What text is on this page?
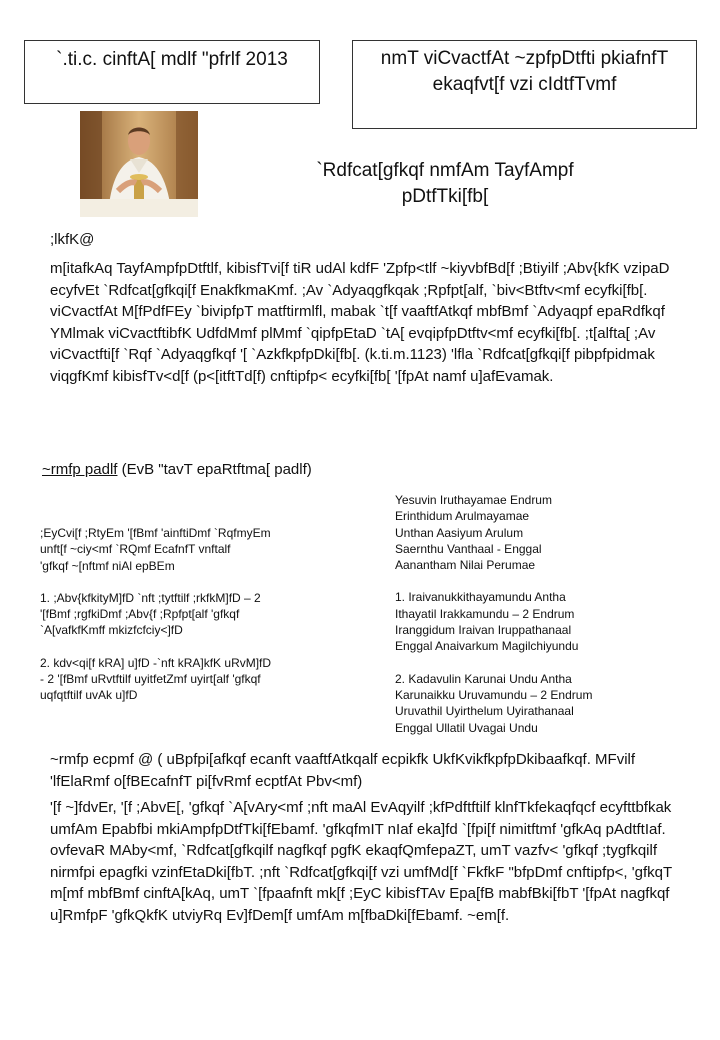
`.ti.c. cinftA[ mdlf "pfrlf 2013	nmT viCvactfAt ~zpfpDtfti pkiafnfT
ekaqfvt[f vzi cIdtfTvmf
`Rdfcat[gfkqf nmfAm TayfAmpf
pDtfTki[fb[
;lkfK@
m[itafkAq TayfAmpfpDtftlf, kibisfTvi[f tiR udAl kdfF 'Zpfp<tlf ~kiyvbfBd[f ;Btiyilf ;Abv{kfK vzipaD ecyfvEt `Rdfcat[gfkqi[f EnakfkmaKmf. ;Av `Adyaqgfkqak ;Rpfpt[alf, `biv<Btftv<mf ecyfki[fb[. viCvactfAt M[fPdfFEy `bivipfpT matftirmlfl, mabak `t[f vaaftfAtkqf mbfBmf `Adyaqpf epaRdfkqf YMlmak viCvactftibfK UdfdMmf plMmf `qipfpEtaD `tA[ evqipfpDtftv<mf ecyfki[fb[. ;t[alfta[ ;Av viCvactfti[f `Rqf `Adyaqgfkqf '[ `AzkfkpfpDki[fb[. (k.ti.m.1123) 'lfla `Rdfcat[gfkqi[f pibpfpidmak viqgfKmf kibisfTv<d[f (p<[itftTd[f) cnftipfp< ecyfki[fb[ '[fpAt namf u]afEvamak.
~rmfp padlf (EvB "tavT epaRtftma[ padlf)
;EyCvi[f ;RtyEm '[fBmf 'ainftiDmf `RqfmyEm
unft[f ~ciy<mf `RQmf EcafnfT vnftalf
'gfkqf ~[nftmf niAl epBEm
1. ;Abv{kfkityM]fD `nft ;tytftilf ;rkfkM]fD – 2
'[fBmf ;rgfkiDmf ;Abv{f ;Rpfpt[alf 'gfkqf
`A[vafkfKmff mkizfcfciy<]fD
2. kdv<qi[f kRA] u]fD -`nft kRA]kfK uRvM]fD
- 2 '[fBmf uRvtftilf uyitfetZmf uyirt[alf 'gfkqf
uqfqtftilf uvAk u]fD
Yesuvin Iruthayamae Endrum
Erinthidum Arulmayamae
Unthan Aasiyum Arulum
Saernthu Vanthaal - Enggal
Aanantham Nilai Perumae
1. Iraivanukkithayamundu Antha
Ithayatil Irakkamundu – 2 Endrum
Iranggidum Iraivan Iruppathanaal
Enggal Anaivarkum Magilchiyundu
2. Kadavulin Karunai Undu Antha
Karunaikku Uruvamundu – 2 Endrum
Uruvathil Uyirthelum Uyirathanaal
Enggal Ullatil Uvagai Undu
~rmfp ecpmf @ ( uBpfpi[afkqf ecanft vaaftfAtkqalf ecpikfk UkfKvikfkpfpDkibaafkqf. MFvilf 'lfElaRmf o[fBEcafnfT pi[fvRmf ecptfAt Pbv<mf)
'[f ~]fdvEr, '[f ;AbvE[, 'gfkqf `A[vAry<mf ;nft maAl EvAqyilf ;kfPdftftilf klnfTkfekaqfqcf ecyfttbfkak umfAm Epabfbi mkiAmpfpDtfTki[fEbamf. 'gfkqfmIT nIaf eka]fd `[fpi[f nimitftmf 'gfkAq pAdtftIaf. ovfevaR MAby<mf, `Rdfcat[gfkqilf nagfkqf pgfK ekaqfQmfepaZT, umT vazfv< 'gfkqf ;tygfkqilf nirmfpi epagfki vzinfEtaDki[fbT. ;nft `Rdfcat[gfkqi[f vzi umfMd[f `FkfkF "bfpDmf cnftipfp<, 'gfkqT m[mf mbfBmf cinftA[kAq, umT `[fpaafnft mk[f ;EyC kibisfTAv Epa[fB mabfBki[fbT '[fpAt nagfkqf u]RmfpF 'gfkQkfK utviyRq Ev]fDem[f umfAm m[fbaDki[fEbamf. ~em[f.
